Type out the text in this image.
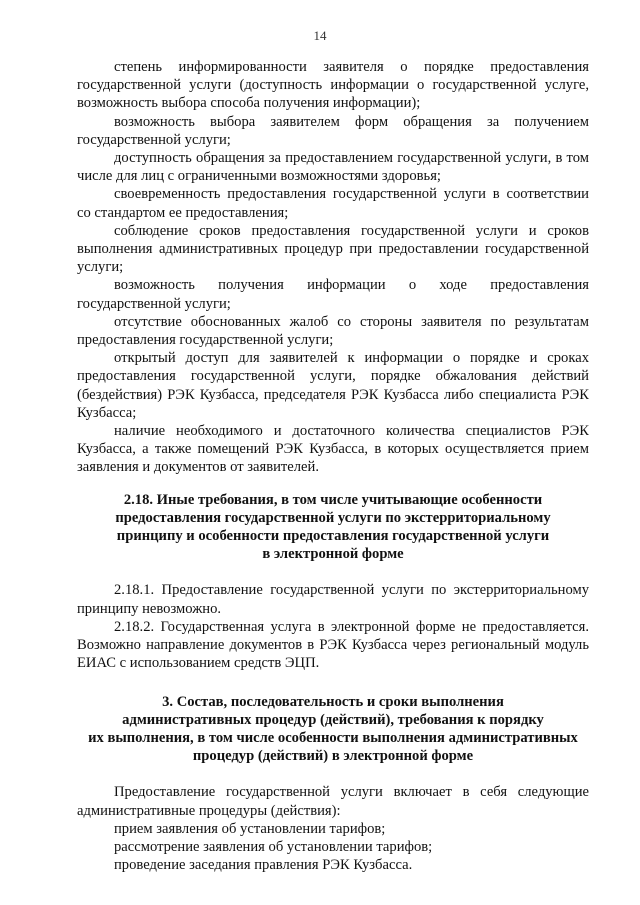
14

степень информированности заявителя о порядке предоставления государственной услуги (доступность информации о государственной услуге, возможность выбора способа получения информации);

возможность выбора заявителем форм обращения за получением государственной услуги;

доступность обращения за предоставлением государственной услуги, в том числе для лиц с ограниченными возможностями здоровья;

своевременность предоставления государственной услуги в соответствии со стандартом ее предоставления;

соблюдение сроков предоставления государственной услуги и сроков выполнения административных процедур при предоставлении государственной услуги;

возможность получения информации о ходе предоставления государственной услуги;

отсутствие обоснованных жалоб со стороны заявителя по результатам предоставления государственной услуги;

открытый доступ для заявителей к информации о порядке и сроках предоставления государственной услуги, порядке обжалования действий (бездействия) РЭК Кузбасса, председателя РЭК Кузбасса либо специалиста РЭК Кузбасса;

наличие необходимого и достаточного количества специалистов РЭК Кузбасса, а также помещений РЭК Кузбасса, в которых осуществляется прием заявления и документов от заявителей.

2.18. Иные требования, в том числе учитывающие особенности
предоставления государственной услуги по экстерриториальному
принципу и особенности предоставления государственной услуги
в электронной форме

2.18.1. Предоставление государственной услуги по экстерриториальному принципу невозможно.

2.18.2. Государственная услуга в электронной форме не предоставляется. Возможно направление документов в РЭК Кузбасса через региональный модуль ЕИАС с использованием средств ЭЦП.

3. Состав, последовательность и сроки выполнения
административных процедур (действий), требования к порядку
их выполнения, в том числе особенности выполнения административных
процедур (действий) в электронной форме

Предоставление государственной услуги включает в себя следующие административные процедуры (действия):

прием заявления об установлении тарифов;

рассмотрение заявления об установлении тарифов;

проведение заседания правления РЭК Кузбасса.
